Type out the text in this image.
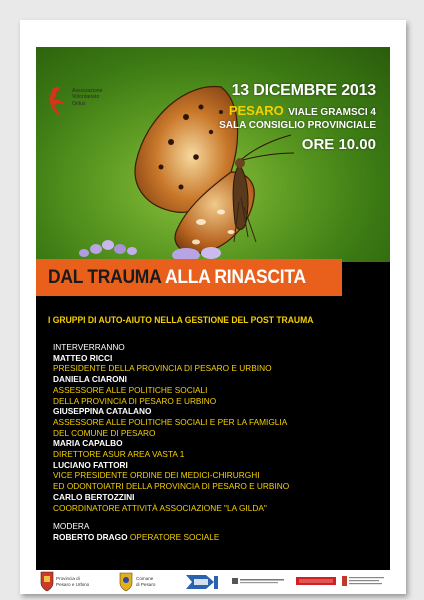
Associazione
Volontariato
Onlus
13 DICEMBRE 2013
PESARO VIALE GRAMSCI 4
SALA CONSIGLIO PROVINCIALE
ORE 10.00
DAL TRAUMA ALLA RINASCITA
I GRUPPI DI AUTO-AIUTO NELLA GESTIONE DEL POST TRAUMA
INTERVERRANNO
MATTEO RICCI
PRESIDENTE DELLA PROVINCIA DI PESARO E URBINO
DANIELA CIARONI
ASSESSORE ALLE POLITICHE SOCIALI
DELLA PROVINCIA DI PESARO E URBINO
GIUSEPPINA CATALANO
ASSESSORE ALLE POLITICHE SOCIALI E PER LA FAMIGLIA
DEL COMUNE DI PESARO
MARIA CAPALBO
DIRETTORE ASUR AREA VASTA 1
LUCIANO FATTORI
VICE PRESIDENTE ORDINE DEI MEDICI-CHIRURGHI
ED ODONTOIATRI DELLA PROVINCIA DI PESARO E URBINO
CARLO BERTOZZINI
COORDINATORE ATTIVITÀ ASSOCIAZIONE "LA GILDA"
MODERA
ROBERTO DRAGO OPERATORE SOCIALE
Provincia di
Pesaro e Urbino
Comune
di Pesaro
